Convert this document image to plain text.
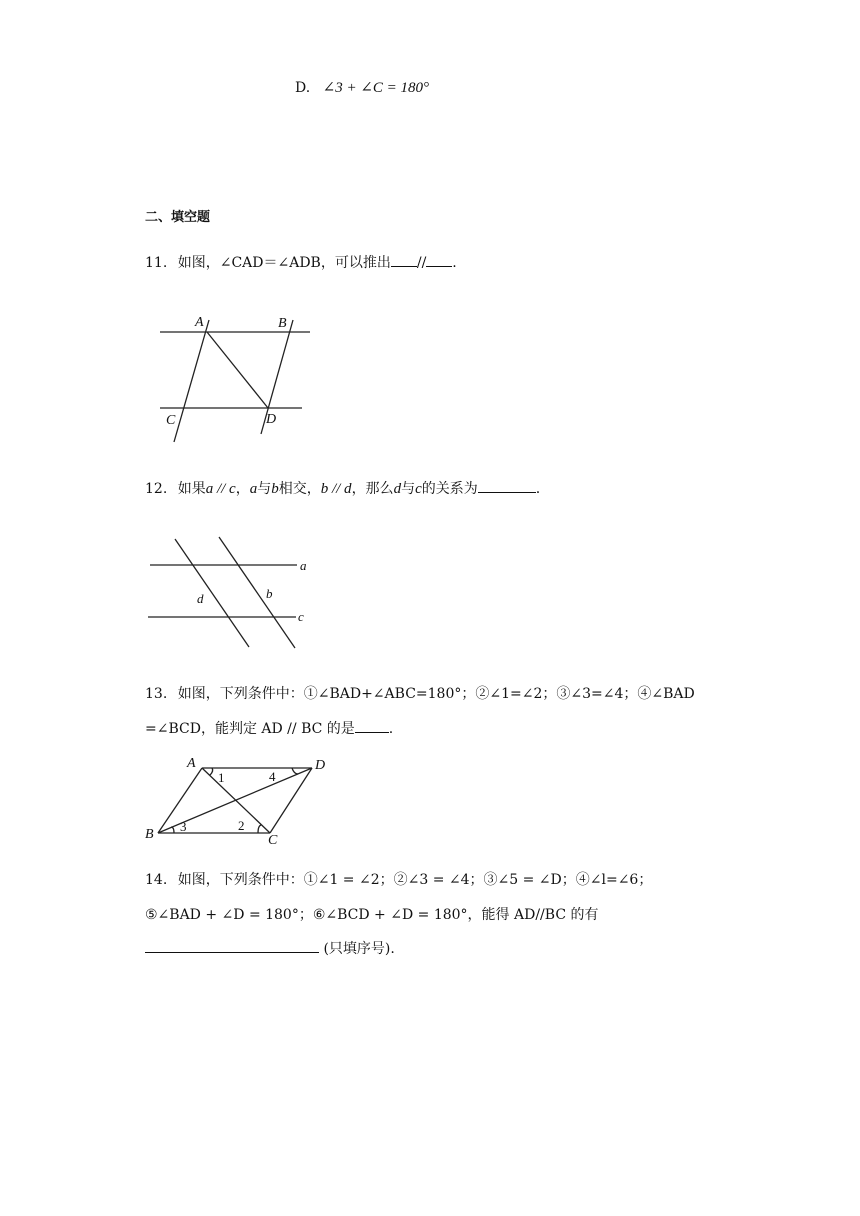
D. ∠3 + ∠C = 180°
二、填空题
11. 如图，∠CAD＝∠ADB，可以推出 // .
A	B
C	D
12. 如果a // c，a与b相交，b // d，那么d与c的关系为	.
a
b
c
d
13. 如图，下列条件中：①∠BAD+∠ABC=180°；②∠1=∠2；③∠3=∠4；④∠BAD
=∠BCD，能判定 AD // BC 的是 .
A	D
B	C
1
2
3
4
14. 如图，下列条件中：①∠1 = ∠2；②∠3 = ∠4；③∠5 = ∠D；④∠l=∠6；
⑤∠BAD + ∠D = 180°；⑥∠BCD + ∠D = 180°，能得 AD//BC 的有
(只填序号).
